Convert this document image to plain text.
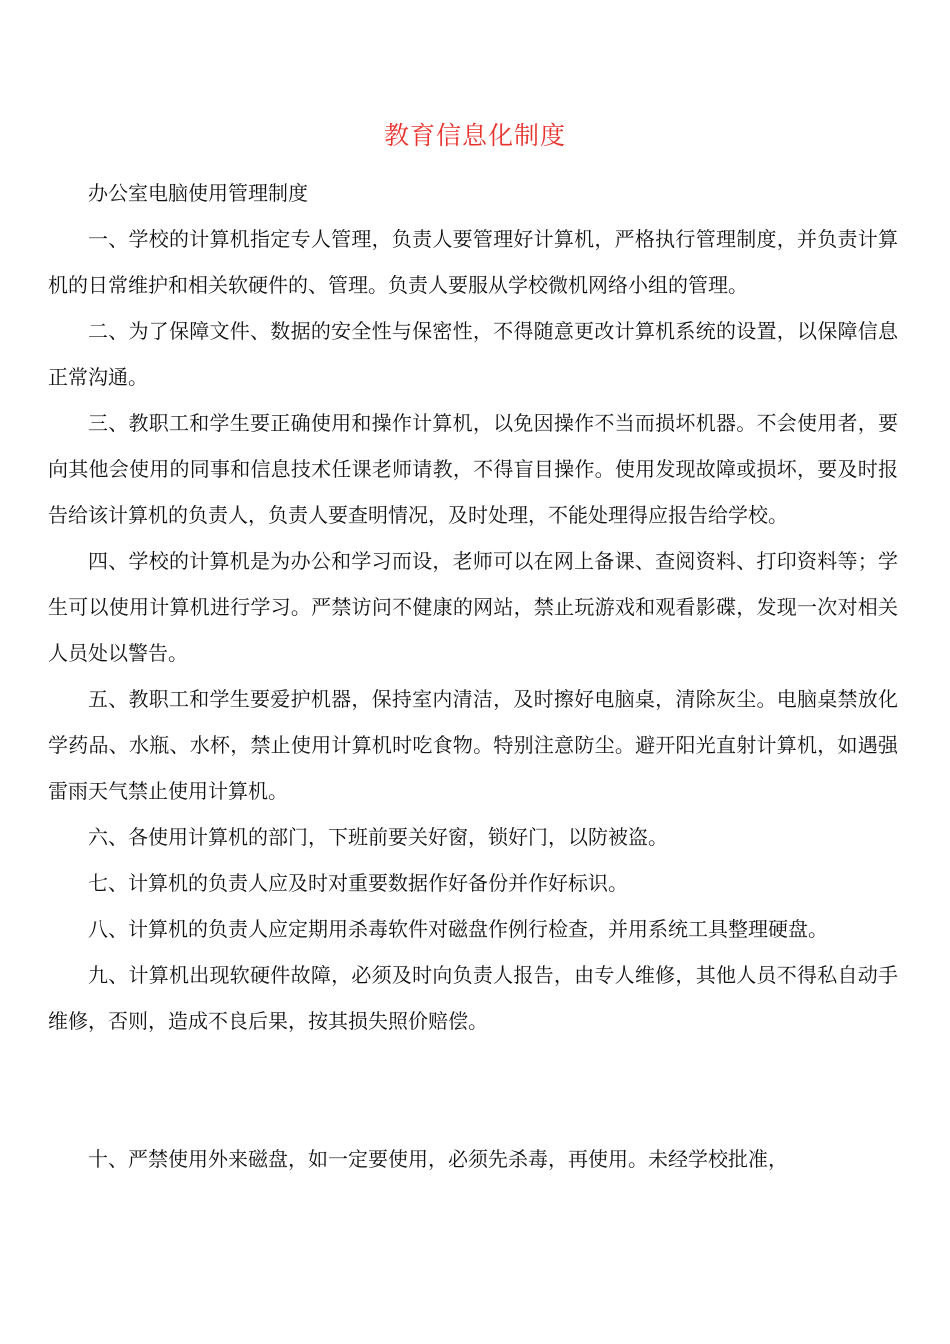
教育信息化制度

办公室电脑使用管理制度

一、学校的计算机指定专人管理，负责人要管理好计算机，严格执行管理制度，并负责计算机的日常维护和相关软硬件的、管理。负责人要服从学校微机网络小组的管理。

二、为了保障文件、数据的安全性与保密性，不得随意更改计算机系统的设置，以保障信息正常沟通。

三、教职工和学生要正确使用和操作计算机，以免因操作不当而损坏机器。不会使用者，要向其他会使用的同事和信息技术任课老师请教，不得盲目操作。使用发现故障或损坏，要及时报告给该计算机的负责人，负责人要查明情况，及时处理，不能处理得应报告给学校。

四、学校的计算机是为办公和学习而设，老师可以在网上备课、查阅资料、打印资料等；学生可以使用计算机进行学习。严禁访问不健康的网站，禁止玩游戏和观看影碟，发现一次对相关人员处以警告。

五、教职工和学生要爱护机器，保持室内清洁，及时擦好电脑桌，清除灰尘。电脑桌禁放化学药品、水瓶、水杯，禁止使用计算机时吃食物。特别注意防尘。避开阳光直射计算机，如遇强雷雨天气禁止使用计算机。

六、各使用计算机的部门，下班前要关好窗，锁好门，以防被盗。

七、计算机的负责人应及时对重要数据作好备份并作好标识。

八、计算机的负责人应定期用杀毒软件对磁盘作例行检查，并用系统工具整理硬盘。

九、计算机出现软硬件故障，必须及时向负责人报告，由专人维修，其他人员不得私自动手维修，否则，造成不良后果，按其损失照价赔偿。

十、严禁使用外来磁盘，如一定要使用，必须先杀毒，再使用。未经学校批准，
